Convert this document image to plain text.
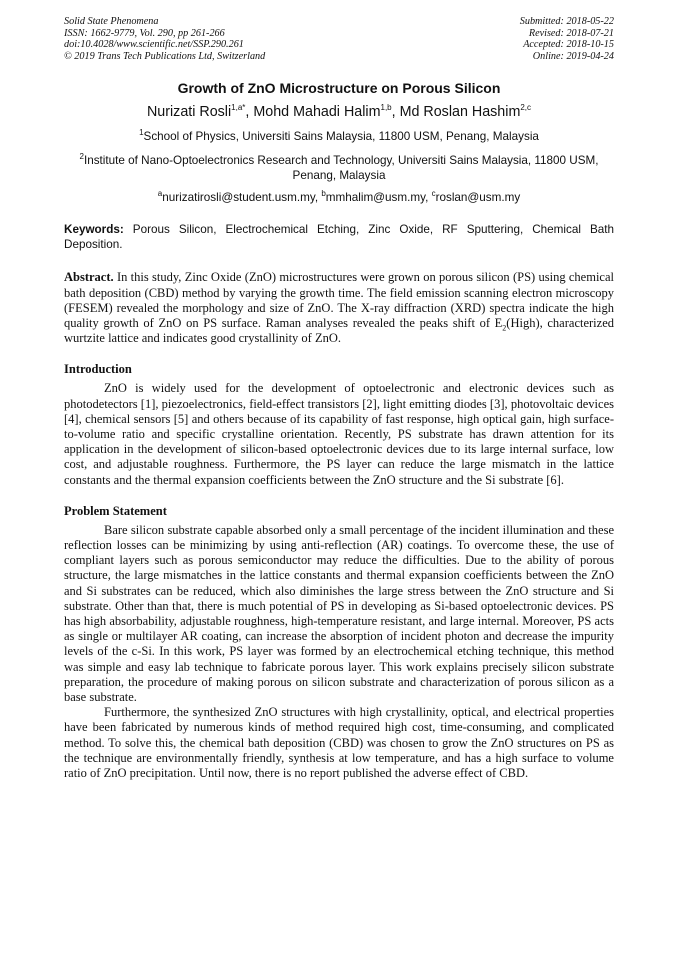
Solid State Phenomena
ISSN: 1662-9779, Vol. 290, pp 261-266
doi:10.4028/www.scientific.net/SSP.290.261
© 2019 Trans Tech Publications Ltd, Switzerland
Submitted: 2018-05-22
Revised: 2018-07-21
Accepted: 2018-10-15
Online: 2019-04-24
Growth of ZnO Microstructure on Porous Silicon
Nurizati Rosli$^{1,a*}$, Mohd Mahadi Halim$^{1,b}$, Md Roslan Hashim$^{2,c}$
$^1$School of Physics, Universiti Sains Malaysia, 11800 USM, Penang, Malaysia
$^2$Institute of Nano-Optoelectronics Research and Technology, Universiti Sains Malaysia, 11800 USM, Penang, Malaysia
$^a$nurizatirosli@student.usm.my, $^b$mmhalim@usm.my, $^c$roslan@usm.my
Keywords: Porous Silicon, Electrochemical Etching, Zinc Oxide, RF Sputtering, Chemical Bath Deposition.
Abstract. In this study, Zinc Oxide (ZnO) microstructures were grown on porous silicon (PS) using chemical bath deposition (CBD) method by varying the growth time. The field emission scanning electron microscopy (FESEM) revealed the morphology and size of ZnO. The X-ray diffraction (XRD) spectra indicate the high quality growth of ZnO on PS surface. Raman analyses revealed the peaks shift of $E_2(High)$, characterized wurtzite lattice and indicates good crystallinity of ZnO.
Introduction

ZnO is widely used for the development of optoelectronic and electronic devices such as photodetectors [1], piezoelectronics, field-effect transistors [2], light emitting diodes [3], photovoltaic devices [4], chemical sensors [5] and others because of its capability of fast response, high optical gain, high surface-to-volume ratio and specific crystalline orientation. Recently, PS substrate has drawn attention for its application in the development of silicon-based optoelectronic devices due to its large internal surface, low cost, and adjustable roughness. Furthermore, the PS layer can reduce the large mismatch in the lattice constants and the thermal expansion coefficients between the ZnO structure and the Si substrate [6].

Problem Statement

Bare silicon substrate capable absorbed only a small percentage of the incident illumination and these reflection losses can be minimizing by using anti-reflection (AR) coatings. To overcome these, the use of compliant layers such as porous semiconductor may reduce the difficulties. Due to the ability of porous structure, the large mismatches in the lattice constants and thermal expansion coefficients between the ZnO and Si substrates can be reduced, which also diminishes the large stress between the ZnO structure and Si substrate. Other than that, there is much potential of PS in developing as Si-based optoelectronic devices. PS has high absorbability, adjustable roughness, high-temperature resistant, and large internal. Moreover, PS acts as single or multilayer AR coating, can increase the absorption of incident photon and decrease the impurity levels of the c-Si. In this work, PS layer was formed by an electrochemical etching technique, this method was simple and easy lab technique to fabricate porous layer. This work explains precisely silicon substrate preparation, the procedure of making porous on silicon substrate and characterization of porous silicon as a base substrate.

Furthermore, the synthesized ZnO structures with high crystallinity, optical, and electrical properties have been fabricated by numerous kinds of method required high cost, time-consuming, and complicated method. To solve this, the chemical bath deposition (CBD) was chosen to grow the ZnO structures on PS as the technique are environmentally friendly, synthesis at low temperature, and has a high surface to volume ratio of ZnO precipitation. Until now, there is no report published the adverse effect of CBD.
